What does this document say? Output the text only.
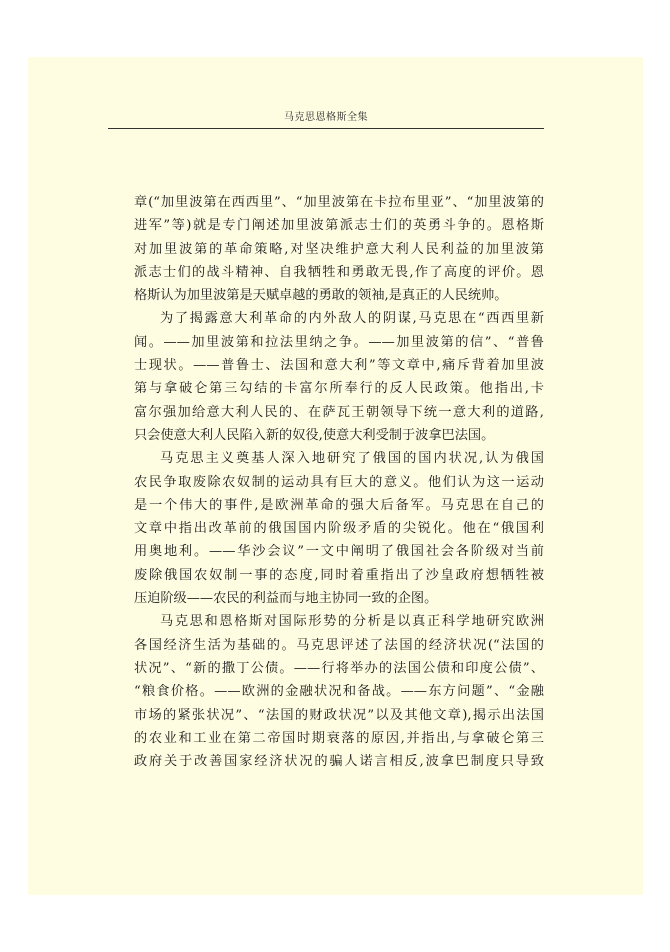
马克思恩格斯全集
章(“加里波第在西西里”、“加里波第在卡拉布里亚”、“加里波第的
进军”等)就是专门阐述加里波第派志士们的英勇斗争的。恩格斯
对加里波第的革命策略,对坚决维护意大利人民利益的加里波第
派志士们的战斗精神、自我牺牲和勇敢无畏,作了高度的评价。恩
格斯认为加里波第是天赋卓越的勇敢的领袖,是真正的人民统帅。
为了揭露意大利革命的内外敌人的阴谋,马克思在“西西里新
闻。——加里波第和拉法里纳之争。——加里波第的信”、“普鲁
士现状。——普鲁士、法国和意大利”等文章中,痛斥背着加里波
第与拿破仑第三勾结的卡富尔所奉行的反人民政策。他指出,卡
富尔强加给意大利人民的、在萨瓦王朝领导下统一意大利的道路,
只会使意大利人民陷入新的奴役,使意大利受制于波拿巴法国。
马克思主义奠基人深入地研究了俄国的国内状况,认为俄国
农民争取废除农奴制的运动具有巨大的意义。他们认为这一运动
是一个伟大的事件,是欧洲革命的强大后备军。马克思在自己的
文章中指出改革前的俄国国内阶级矛盾的尖锐化。他在“俄国利
用奥地利。——华沙会议”一文中阐明了俄国社会各阶级对当前
废除俄国农奴制一事的态度,同时着重指出了沙皇政府想牺牲被
压迫阶级——农民的利益而与地主协同一致的企图。
马克思和恩格斯对国际形势的分析是以真正科学地研究欧洲
各国经济生活为基础的。马克思评述了法国的经济状况(“法国的
状况”、“新的撒丁公债。——行将举办的法国公债和印度公债”、
“粮食价格。——欧洲的金融状况和备战。——东方问题”、“金融
市场的紧张状况”、“法国的财政状况”以及其他文章),揭示出法国
的农业和工业在第二帝国时期衰落的原因,并指出,与拿破仑第三
政府关于改善国家经济状况的骗人诺言相反,波拿巴制度只导致
